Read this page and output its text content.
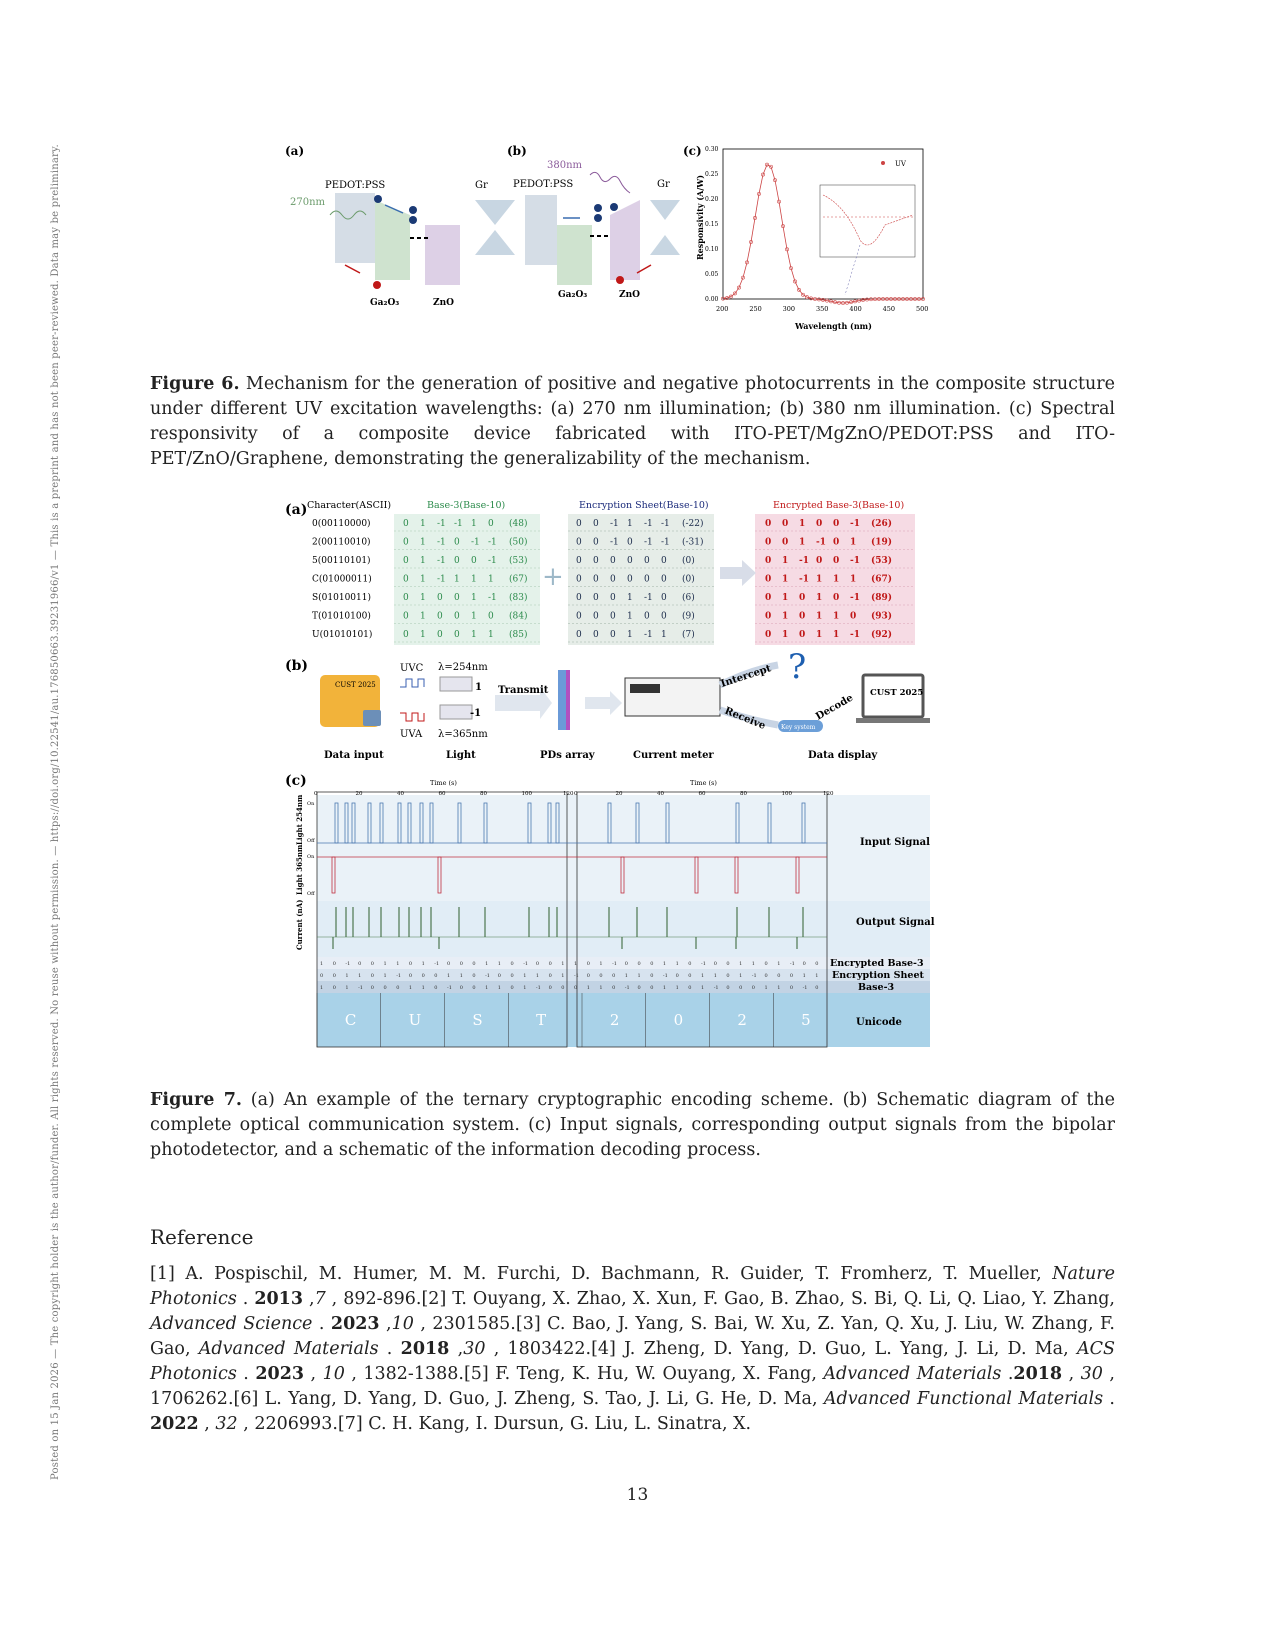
Posted on 15 Jan 2026 — The copyright holder is the author/funder. All rights reserved. No reuse without permission. — https://doi.org/10.22541/au.176850663.39231966/v1 — This is a preprint and has not been peer-reviewed. Data may be preliminary.	(a)
PEDOT:PSS	Gr
270nm
Ga₂O₃	ZnO
(b)
380nm
PEDOT:PSS	Gr
Ga₂O₃	ZnO
(c)
Responsivity (A/W)
Wavelength (nm)
UV
200	250	300	350	400	450	500
0.00
0.05
0.10
0.15
0.20
0.25
0.30
Figure 6. Mechanism for the generation of positive and negative photocurrents in the composite structure under different UV excitation wavelengths: (a) 270 nm illumination; (b) 380 nm illumination. (c) Spectral responsivity of a composite device fabricated with ITO-PET/MgZnO/PEDOT:PSS and ITO-PET/ZnO/Graphene, demonstrating the generalizability of the mechanism.
(a) Character(ASCII)	Base-3(Base-10)	Encryption Sheet(Base-10)	Encrypted Base-3(Base-10)
+
0(00110000)	0 1 -1 -1 1 0 (48)	0 0 -1 1 -1 -1 (-22)	0 0 1 0 0 -1 (26)
2(00110010)	0 1 -1 0 -1 -1 (50)	0 0 -1 0 -1 -1 (-31)	0 0 1 -1 0 1 (19)
5(00110101)	0 1 -1 0 0 -1 (53)	0 0 0 0 0 0 (0)	0 1 -1 0 0 -1 (53)
C(01000011)	0 1 -1 1 1 1 (67)	0 0 0 0 0 0 (0)	0 1 -1 1 1 1 (67)
S(01010011)	0 1 0 0 1 -1 (83)	0 0 0 1 -1 0 (6)	0 1 0 1 0 -1 (89)
T(01010100)	0 1 0 0 1 0 (84)	0 0 0 1 0 0 (9)	0 1 0 1 1 0 (93)
U(01010101)	0 1 0 0 1 1 (85)	0 0 0 1 -1 1 (7)	0 1 0 1 1 -1 (92)
(b)
CUST 2025
UVC
UVA
λ=254nm
λ=365nm
1
-1
Transmit
Intercept
Receive
?
Key system
Decode CUST 2025
Data input	Light	PDs array	Current meter	Data display
(c)	Time (s)	Time (s)
Light 254nm
Light 365nm
Current (nA)
On
Off
On
Off
Input Signal
Output Signal
Encrypted Base-3
Encryption Sheet
Base-3
Unicode
0	20	40	60	80	100	120 0	20	40	60	80	100	120
1 0 -1 0 0 1 1 0 1 -1 0 0 0 1 1 0 -1 0 0 1 1 0 1 -1 0 0 0 1 1 0 -1 0 0 1 1 0 1 -1 0 0
0 0 1 1 0 1 -1 0 0 0 1 1 0 -1 0 0 1 1 0 1 -1 0 0 0 1 1 0 -1 0 0 1 1 0 1 -1 0 0 0 1 1
1 0 1 -1 0 0 0 1 1 0 -1 0 0 1 1 0 1 -1 0 0 0 1 1 0 -1 0 0 1 1 0 1 -1 0 0 0 1 1 0 -1 0
C	U	S	T	2	0	2	5
Figure 7. (a) An example of the ternary cryptographic encoding scheme. (b) Schematic diagram of the complete optical communication system. (c) Input signals, corresponding output signals from the bipolar photodetector, and a schematic of the information decoding process.
Reference
[1] A. Pospischil, M. Humer, M. M. Furchi, D. Bachmann, R. Guider, T. Fromherz, T. Mueller, Nature Photonics . 2013 ,7 , 892-896.[2] T. Ouyang, X. Zhao, X. Xun, F. Gao, B. Zhao, S. Bi, Q. Li, Q. Liao, Y. Zhang, Advanced Science . 2023 ,10 , 2301585.[3] C. Bao, J. Yang, S. Bai, W. Xu, Z. Yan, Q. Xu, J. Liu, W. Zhang, F. Gao, Advanced Materials . 2018 ,30 , 1803422.[4] J. Zheng, D. Yang, D. Guo, L. Yang, J. Li, D. Ma, ACS Photonics . 2023 , 10 , 1382-1388.[5] F. Teng, K. Hu, W. Ouyang, X. Fang, Advanced Materials .2018 , 30 , 1706262.[6] L. Yang, D. Yang, D. Guo, J. Zheng, S. Tao, J. Li, G. He, D. Ma, Advanced Functional Materials . 2022 , 32 , 2206993.[7] C. H. Kang, I. Dursun, G. Liu, L. Sinatra, X.
13
